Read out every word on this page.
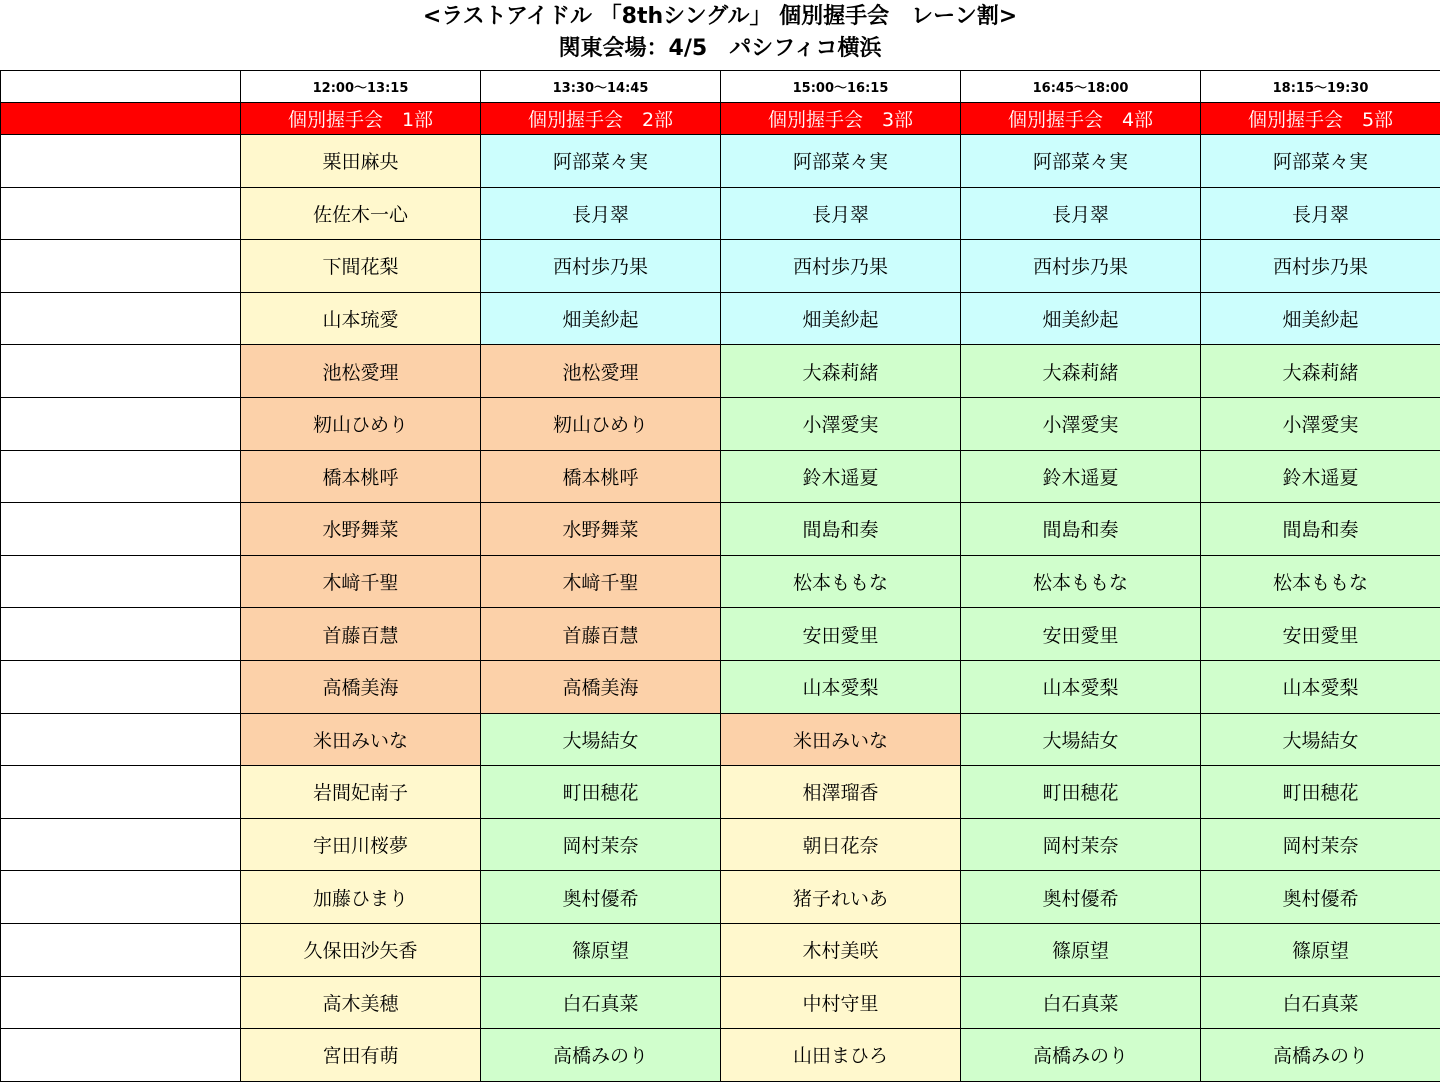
<ラストアイドル 「8thシングル」 個別握手会　レーン割>
関東会場：4/5　パシフィコ横浜
	12:00～13:15	13:30～14:45	15:00～16:15	16:45～18:00	18:15～19:30
	個別握手会　1部	個別握手会　2部	個別握手会　3部	個別握手会　4部	個別握手会　5部
	栗田麻央	阿部菜々実	阿部菜々実	阿部菜々実	阿部菜々実
	佐佐木一心	長月翠	長月翠	長月翠	長月翠
	下間花梨	西村歩乃果	西村歩乃果	西村歩乃果	西村歩乃果
	山本琉愛	畑美紗起	畑美紗起	畑美紗起	畑美紗起
	池松愛理	池松愛理	大森莉緒	大森莉緒	大森莉緒
	籾山ひめり	籾山ひめり	小澤愛実	小澤愛実	小澤愛実
	橋本桃呼	橋本桃呼	鈴木遥夏	鈴木遥夏	鈴木遥夏
	水野舞菜	水野舞菜	間島和奏	間島和奏	間島和奏
	木﨑千聖	木﨑千聖	松本ももな	松本ももな	松本ももな
	首藤百慧	首藤百慧	安田愛里	安田愛里	安田愛里
	高橋美海	高橋美海	山本愛梨	山本愛梨	山本愛梨
	米田みいな	大場結女	米田みいな	大場結女	大場結女
	岩間妃南子	町田穂花	相澤瑠香	町田穂花	町田穂花
	宇田川桜夢	岡村茉奈	朝日花奈	岡村茉奈	岡村茉奈
	加藤ひまり	奥村優希	猪子れいあ	奥村優希	奥村優希
	久保田沙矢香	篠原望	木村美咲	篠原望	篠原望
	高木美穂	白石真菜	中村守里	白石真菜	白石真菜
	宮田有萌	高橋みのり	山田まひろ	高橋みのり	高橋みのり
